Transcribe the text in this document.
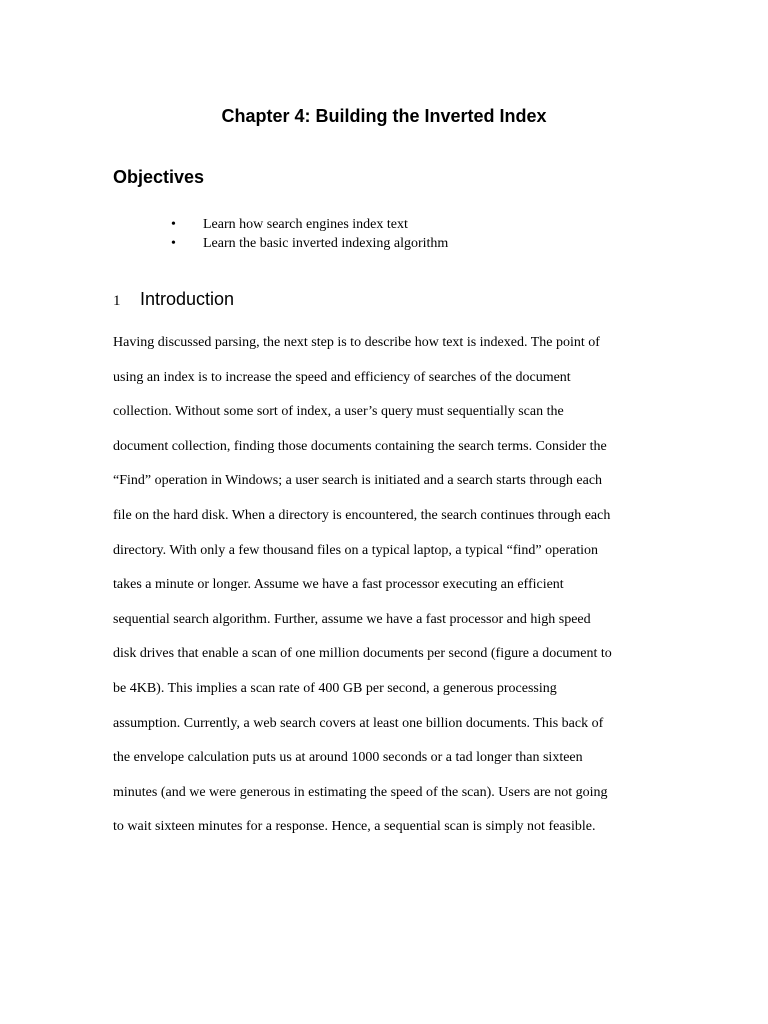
Chapter 4: Building the Inverted Index
Objectives
• Learn how search engines index text
• Learn the basic inverted indexing algorithm
1 Introduction

Having discussed parsing, the next step is to describe how text is indexed. The point of
using an index is to increase the speed and efficiency of searches of the document
collection. Without some sort of index, a user’s query must sequentially scan the
document collection, finding those documents containing the search terms. Consider the
“Find” operation in Windows; a user search is initiated and a search starts through each
file on the hard disk. When a directory is encountered, the search continues through each
directory. With only a few thousand files on a typical laptop, a typical “find” operation
takes a minute or longer. Assume we have a fast processor executing an efficient
sequential search algorithm. Further, assume we have a fast processor and high speed
disk drives that enable a scan of one million documents per second (figure a document to
be 4KB). This implies a scan rate of 400 GB per second, a generous processing
assumption. Currently, a web search covers at least one billion documents. This back of
the envelope calculation puts us at around 1000 seconds or a tad longer than sixteen
minutes (and we were generous in estimating the speed of the scan). Users are not going
to wait sixteen minutes for a response. Hence, a sequential scan is simply not feasible.
